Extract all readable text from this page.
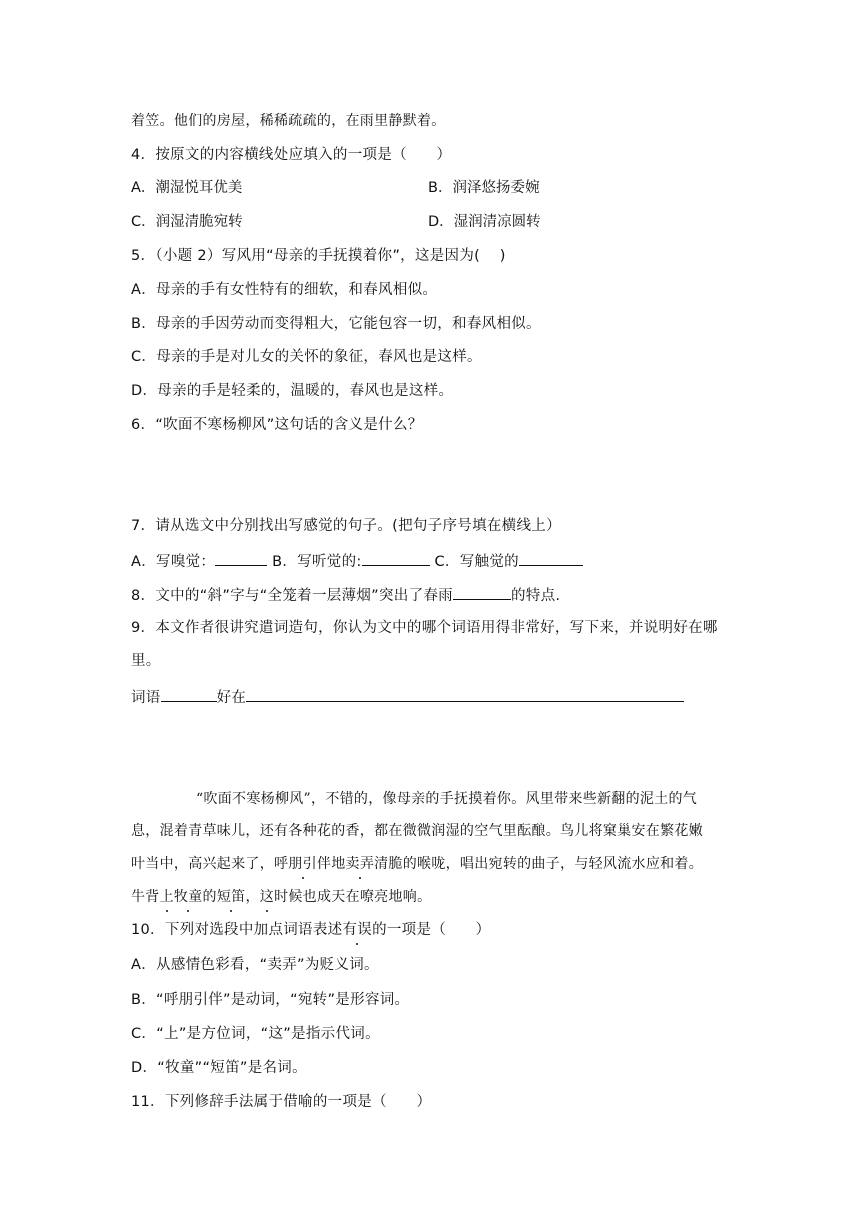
着笠。他们的房屋，稀稀疏疏的，在雨里静默着。
4．按原文的内容横线处应填入的一项是（　　）
A．潮湿悦耳优美	B．润泽悠扬委婉
C．润湿清脆宛转	D．湿润清凉圆转
5．（小题 2）写风用“母亲的手抚摸着你”，这是因为(　 )
A．母亲的手有女性特有的细软，和春风相似。
B．母亲的手因劳动而变得粗大，它能包容一切，和春风相似。
C．母亲的手是对儿女的关怀的象征，春风也是这样。
D．母亲的手是轻柔的，温暖的，春风也是这样。
6．“吹面不寒杨柳风”这句话的含义是什么？
7．请从选文中分别找出写感觉的句子。(把句子序号填在横线上）
A．写嗅觉：	B．写听觉的:	C．写触觉的
8．文中的“斜”字与“全笼着一层薄烟”突出了春雨	的特点.
9．本文作者很讲究遣词造句，你认为文中的哪个词语用得非常好，写下来，并说明好在哪
里。
词语	好在
“吹面不寒杨柳风”，不错的，像母亲的手抚摸着你。风里带来些新翻的泥土的气
息，混着青草味儿，还有各种花的香，都在微微润湿的空气里酝酿。鸟儿将窠巢安在繁花嫩
叶当中，高兴起来了，呼朋引伴地卖弄清脆的喉咙，唱出宛转的曲子，与轻风流水应和着。
牛背上牧童的短笛，这时候也成天在嘹亮地响。
10．下列对选段中加点词语表述有误的一项是（　　）
A．从感情色彩看，“卖弄”为贬义词。
B．“呼朋引伴”是动词，“宛转”是形容词。
C．“上”是方位词，“这”是指示代词。
D．“牧童”“短笛”是名词。
11．下列修辞手法属于借喻的一项是（　　）
